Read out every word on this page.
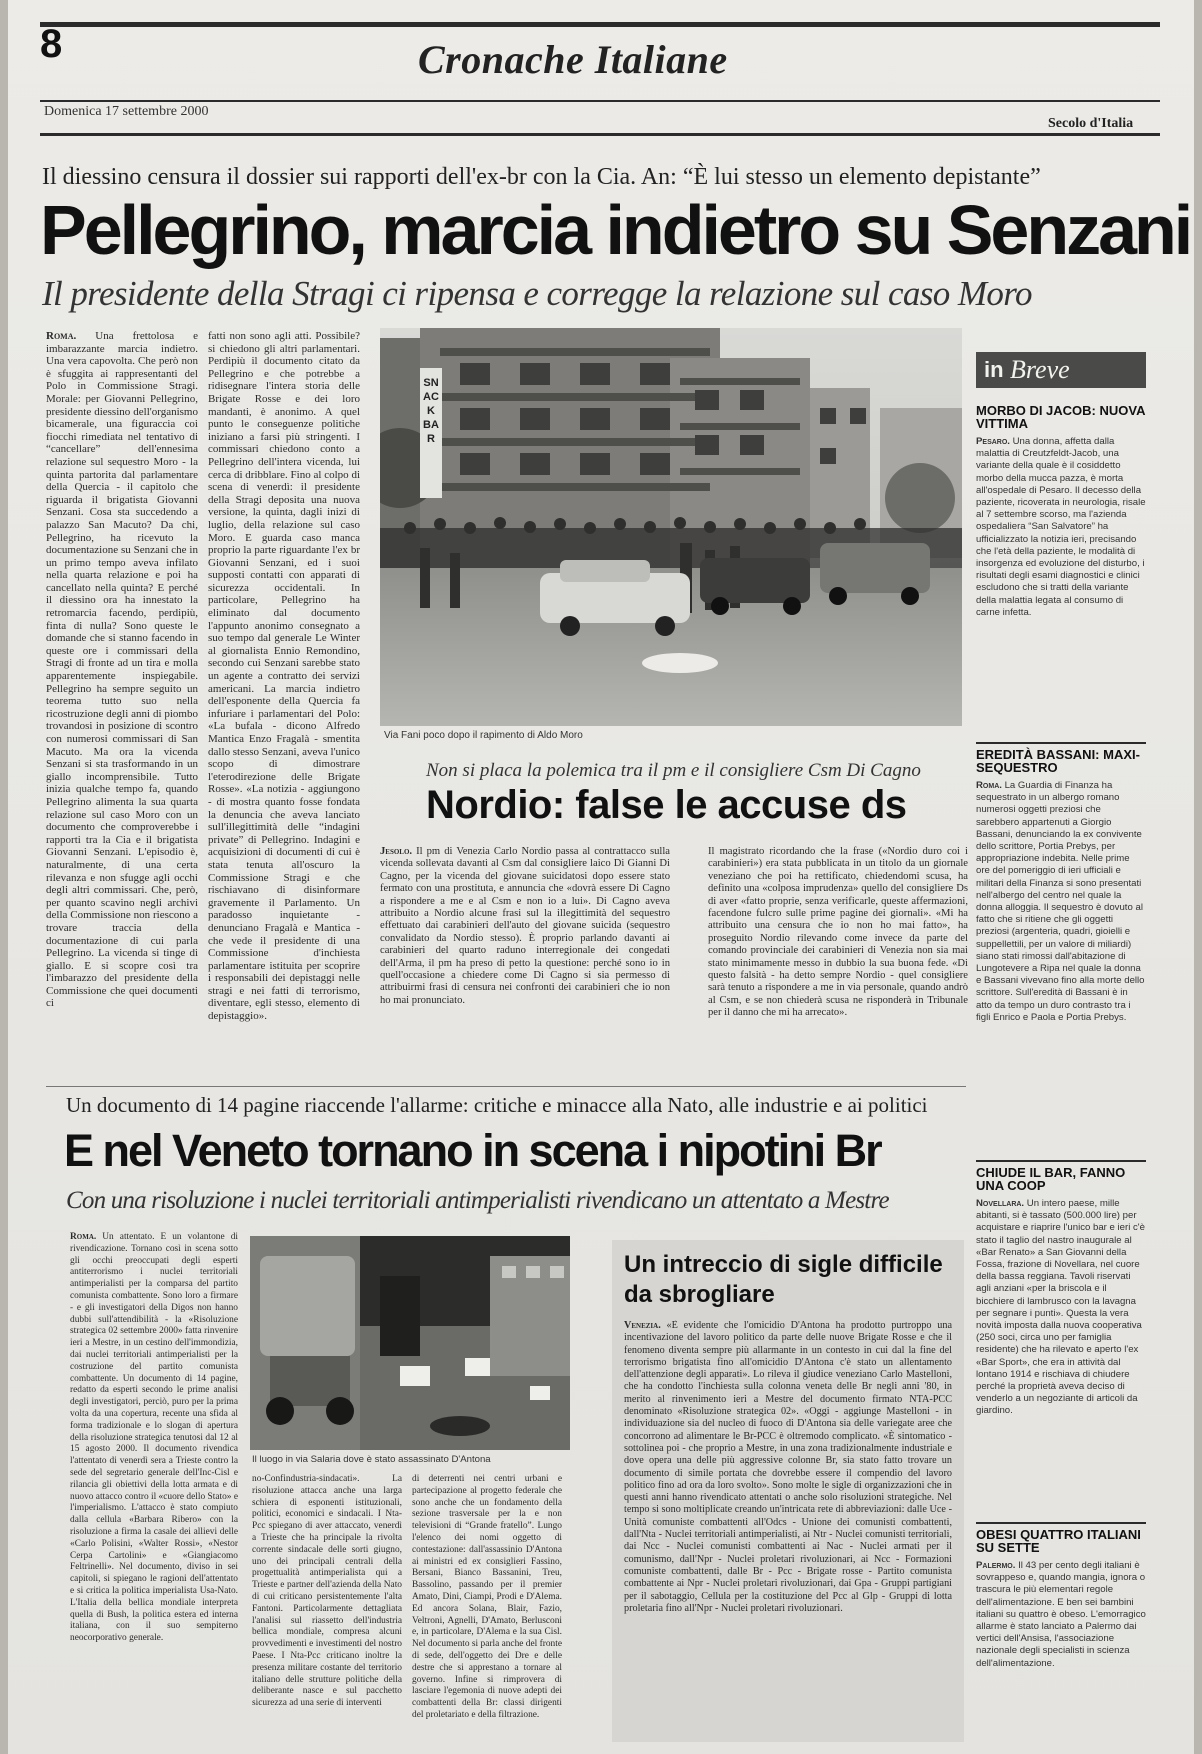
8	Cronache Italiane
Domenica 17 settembre 2000
Secolo d'Italia
Il diessino censura il dossier sui rapporti dell'ex-br con la Cia. An: “È lui stesso un elemento depistante”
Pellegrino, marcia indietro su Senzani
Il presidente della Stragi ci ripensa e corregge la relazione sul caso Moro
Roma. Una frettolosa e imbarazzante marcia indietro. Una vera capovolta. Che però non è sfuggita ai rappresentanti del Polo in Commissione Stragi. Morale: per Giovanni Pellegrino, presidente diessino dell'organismo bicamerale, una figuraccia coi fiocchi rimediata nel tentativo di “cancellare” dell'ennesima relazione sul sequestro Moro - la quinta partorita dal parlamentare della Quercia - il capitolo che riguarda il brigatista Giovanni Senzani. Cosa sta succedendo a palazzo San Macuto? Da chi, Pellegrino, ha ricevuto la documentazione su Senzani che in un primo tempo aveva infilato nella quarta relazione e poi ha cancellato nella quinta? E perché il diessino ora ha innestato la retromarcia facendo, perdipiù, finta di nulla? Sono queste le domande che si stanno facendo in queste ore i commissari della Stragi di fronte ad un tira e molla apparentemente inspiegabile. Pellegrino ha sempre seguito un teorema tutto suo nella ricostruzione degli anni di piombo trovandosi in posizione di scontro con numerosi commissari di San Macuto. Ma ora la vicenda Senzani si sta trasformando in un giallo incomprensibile. Tutto inizia qualche tempo fa, quando Pellegrino alimenta la sua quarta relazione sul caso Moro con un documento che comproverebbe i rapporti tra la Cia e il brigatista Giovanni Senzani. L'episodio è, naturalmente, di una certa rilevanza e non sfugge agli occhi degli altri commissari. Che, però, per quanto scavino negli archivi della Commissione non riescono a trovare traccia della documentazione di cui parla Pellegrino. La vicenda si tinge di giallo. E si scopre così tra l'imbarazzo del presidente della Commissione che quei documenti ci
fatti non sono agli atti. Possibile? si chiedono gli altri parlamentari. Perdipiù il documento citato da Pellegrino e che potrebbe a ridisegnare l'intera storia delle Brigate Rosse e dei loro mandanti, è anonimo. A quel punto le conseguenze politiche iniziano a farsi più stringenti. I commissari chiedono conto a Pellegrino dell'intera vicenda, lui cerca di dribblare. Fino al colpo di scena di venerdì: il presidente della Stragi deposita una nuova versione, la quinta, dagli inizi di luglio, della relazione sul caso Moro. E guarda caso manca proprio la parte riguardante l'ex br Giovanni Senzani, ed i suoi supposti contatti con apparati di sicurezza occidentali. In particolare, Pellegrino ha eliminato dal documento l'appunto anonimo consegnato a suo tempo dal generale Le Winter al giornalista Ennio Remondino, secondo cui Senzani sarebbe stato un agente a contratto dei servizi americani. La marcia indietro dell'esponente della Quercia fa infuriare i parlamentari del Polo: «La bufala - dicono Alfredo Mantica Enzo Fragalà - smentita dallo stesso Senzani, aveva l'unico scopo di dimostrare l'eterodirezione delle Brigate Rosse». «La notizia - aggiungono - di mostra quanto fosse fondata la denuncia che aveva lanciato sull'illegittimità delle “indagini private” di Pellegrino. Indagini e acquisizioni di documenti di cui è stata tenuta all'oscuro la Commissione Stragi e che rischiavano di disinformare gravemente il Parlamento. Un paradosso inquietante - denunciano Fragalà e Mantica - che vede il presidente di una Commissione d'inchiesta parlamentare istituita per scoprire i responsabili dei depistaggi nelle stragi e nei fatti di terrorismo, diventare, egli stesso, elemento di depistaggio».
SNACK BAR
Via Fani poco dopo il rapimento di Aldo Moro
Non si placa la polemica tra il pm e il consigliere Csm Di Cagno
Nordio: false le accuse ds
Jesolo. Il pm di Venezia Carlo Nordio passa al contrattacco sulla vicenda sollevata davanti al Csm dal consigliere laico Di Gianni Di Cagno, per la vicenda del giovane suicidatosi dopo essere stato fermato con una prostituta, e annuncia che «dovrà essere Di Cagno a rispondere a me e al Csm e non io a lui». Di Cagno aveva attribuito a Nordio alcune frasi sul la illegittimità del sequestro effettuato dai carabinieri dell'auto del giovane suicida (sequestro convalidato da Nordio stesso). È proprio parlando davanti ai carabinieri del quarto raduno interregionale dei congedati dell'Arma, il pm ha preso di petto la questione: perché sono io in quell'occasione a chiedere come Di Cagno si sia permesso di attribuirmi frasi di censura nei confronti dei carabinieri che io non ho mai pronunciato.
Il magistrato ricordando che la frase («Nordio duro coi i carabinieri») era stata pubblicata in un titolo da un giornale veneziano che poi ha rettificato, chiedendomi scusa, ha definito una «colposa imprudenza» quello del consigliere Ds di aver «fatto proprie, senza verificarle, queste affermazioni, facendone fulcro sulle prime pagine dei giornali». «Mi ha attribuito una censura che io non ho mai fatto», ha proseguito Nordio rilevando come invece da parte del comando provinciale dei carabinieri di Venezia non sia mai stato minimamente messo in dubbio la sua buona fede. «Di questo falsità - ha detto sempre Nordio - quel consigliere sarà tenuto a rispondere a me in via personale, quando andrò al Csm, e se non chiederà scusa ne risponderà in Tribunale per il danno che mi ha arrecato».
Un documento di 14 pagine riaccende l'allarme: critiche e minacce alla Nato, alle industrie e ai politici
E nel Veneto tornano in scena i nipotini Br
Con una risoluzione i nuclei territoriali antimperialisti rivendicano un attentato a Mestre
Roma. Un attentato. E un volantone di rivendicazione. Tornano così in scena sotto gli occhi preoccupati degli esperti antiterrorismo i nuclei territoriali antimperialisti per la comparsa del partito comunista combattente. Sono loro a firmare - e gli investigatori della Digos non hanno dubbi sull'attendibilità - la «Risoluzione strategica 02 settembre 2000» fatta rinvenire ieri a Mestre, in un cestino dell'immondizia, dai nuclei territoriali antimperialisti per la costruzione del partito comunista combattente. Un documento di 14 pagine, redatto da esperti secondo le prime analisi degli investigatori, perciò, puro per la prima volta da una copertura, recente una sfida al forma tradizionale e lo slogan di apertura della risoluzione strategica tenutosi dal 12 al 15 agosto 2000. Il documento rivendica l'attentato di venerdì sera a Trieste contro la sede del segretario generale dell'Inc-Cisl e rilancia gli obiettivi della lotta armata e di nuovo attacco contro il «cuore dello Stato» e l'imperialismo. L'attacco è stato compiuto dalla cellula «Barbara Ribero» con la risoluzione a firma la casale dei allievi delle «Carlo Polisini, «Walter Rossi», «Nestor Cerpa Cartolini» e «Giangiacomo Feltrinelli». Nel documento, diviso in sei capitoli, si spiegano le ragioni dell'attentato e si critica la politica imperialista Usa-Nato. L'Italia della bellica mondiale interpreta quella di Bush, la politica estera ed interna italiana, con il suo sempiterno neocorporativo generale.
Il luogo in via Salaria dove è stato assassinato D'Antona
no-Confindustria-sindacati». La risoluzione attacca anche una larga schiera di esponenti istituzionali, politici, economici e sindacali. I Nta-Pcc spiegano di aver attaccato, venerdì a Trieste che ha principale la rivolta corrente sindacale delle sorti giugno, uno dei principali centrali della progettualità antimperialista qui a Trieste e partner dell'azienda della Nato di cui criticano persistentemente l'alta Fantoni. Particolarmente dettagliata l'analisi sul riassetto dell'industria bellica mondiale, compresa alcuni provvedimenti e investimenti del nostro Paese. I Nta-Pcc criticano inoltre la presenza militare costante del territorio italiano delle strutture politiche della deliberante nasce e sul pacchetto sicurezza ad una serie di interventi
di deterrenti nei centri urbani e partecipazione al progetto federale che sono anche che un fondamento della sezione trasversale per la e non televisioni di “Grande fratello”. Lungo l'elenco dei nomi oggetto di contestazione: dall'assassinio D'Antona ai ministri ed ex consiglieri Fassino, Bersani, Bianco Bassanini, Treu, Bassolino, passando per il premier Amato, Dini, Ciampi, Prodi e D'Alema. Ed ancora Solana, Blair, Fazio, Veltroni, Agnelli, D'Amato, Berlusconi e, in particolare, D'Alema e la sua Cisl. Nel documento si parla anche del fronte di sede, dell'oggetto dei Dre e delle destre che si apprestano a tornare al governo. Infine si rimprovera di lasciare l'egemonia di nuove adepti dei combattenti della Br: classi dirigenti del proletariato e della filtrazione.
Un intreccio di sigle difficile da sbrogliare
Venezia. «È evidente che l'omicidio D'Antona ha prodotto purtroppo una incentivazione del lavoro politico da parte delle nuove Brigate Rosse e che il fenomeno diventa sempre più allarmante in un contesto in cui dal la fine del terrorismo brigatista fino all'omicidio D'Antona c'è stato un allentamento dell'attenzione degli apparati». Lo rileva il giudice veneziano Carlo Mastelloni, che ha condotto l'inchiesta sulla colonna veneta delle Br negli anni '80, in merito al rinvenimento ieri a Mestre del documento firmato NTA-PCC denominato «Risoluzione strategica 02». «Oggi - aggiunge Mastelloni - in individuazione sia del nucleo di fuoco di D'Antona sia delle variegate aree che concorrono ad alimentare le Br-PCC è oltremodo complicato. «È sintomatico - sottolinea poi - che proprio a Mestre, in una zona tradizionalmente industriale e dove opera una delle più aggressive colonne Br, sia stato fatto trovare un documento di simile portata che dovrebbe essere il compendio del lavoro politico fino ad ora da loro svolto». Sono molte le sigle di organizzazioni che in questi anni hanno rivendicato attentati o anche solo risoluzioni strategiche. Nel tempo si sono moltiplicate creando un'intricata rete di abbreviazioni: dalle Uce - Unità comuniste combattenti all'Odcs - Unione dei comunisti combattenti, dall'Nta - Nuclei territoriali antimperialisti, ai Ntr - Nuclei comunisti territoriali, dai Ncc - Nuclei comunisti combattenti ai Nac - Nuclei armati per il comunismo, dall'Npr - Nuclei proletari rivoluzionari, ai Ncc - Formazioni comuniste combattenti, dalle Br - Pcc - Brigate rosse - Partito comunista combattente ai Npr - Nuclei proletari rivoluzionari, dai Gpa - Gruppi partigiani per il sabotaggio, Cellula per la costituzione del Pcc al Glp - Gruppi di lotta proletaria fino all'Npr - Nuclei proletari rivoluzionari.
in Breve
MORBO DI JACOB: NUOVA VITTIMA
Pesaro. Una donna, affetta dalla malattia di Creutzfeldt-Jacob, una variante della quale è il cosiddetto morbo della mucca pazza, è morta all'ospedale di Pesaro. Il decesso della paziente, ricoverata in neurologia, risale al 7 settembre scorso, ma l'azienda ospedaliera “San Salvatore” ha ufficializzato la notizia ieri, precisando che l'età della paziente, le modalità di insorgenza ed evoluzione del disturbo, i risultati degli esami diagnostici e clinici escludono che si tratti della variante della malattia legata al consumo di carne infetta.
EREDITÀ BASSANI: MAXI-SEQUESTRO
Roma. La Guardia di Finanza ha sequestrato in un albergo romano numerosi oggetti preziosi che sarebbero appartenuti a Giorgio Bassani, denunciando la ex convivente dello scrittore, Portia Prebys, per appropriazione indebita. Nelle prime ore del pomeriggio di ieri ufficiali e militari della Finanza si sono presentati nell'albergo del centro nel quale la donna alloggia. Il sequestro è dovuto al fatto che si ritiene che gli oggetti preziosi (argenteria, quadri, gioielli e suppellettili, per un valore di miliardi) siano stati rimossi dall'abitazione di Lungotevere a Ripa nel quale la donna e Bassani vivevano fino alla morte dello scrittore. Sull'eredità di Bassani è in atto da tempo un duro contrasto tra i figli Enrico e Paola e Portia Prebys.
CHIUDE IL BAR, FANNO UNA COOP
Novellara. Un intero paese, mille abitanti, si è tassato (500.000 lire) per acquistare e riaprire l'unico bar e ieri c'è stato il taglio del nastro inaugurale al «Bar Renato» a San Giovanni della Fossa, frazione di Novellara, nel cuore della bassa reggiana. Tavoli riservati agli anziani «per la briscola e il bicchiere di lambrusco con la lavagna per segnare i punti». Questa la vera novità imposta dalla nuova cooperativa (250 soci, circa uno per famiglia residente) che ha rilevato e aperto l'ex «Bar Sport», che era in attività dal lontano 1914 e rischiava di chiudere perché la proprietà aveva deciso di venderlo a un negoziante di articoli da giardino.
OBESI QUATTRO ITALIANI SU SETTE
Palermo. Il 43 per cento degli italiani è sovrappeso e, quando mangia, ignora o trascura le più elementari regole dell'alimentazione. E ben sei bambini italiani su quattro è obeso. L'emorragico allarme è stato lanciato a Palermo dai vertici dell'Ansisa, l'associazione nazionale degli specialisti in scienza dell'alimentazione.
